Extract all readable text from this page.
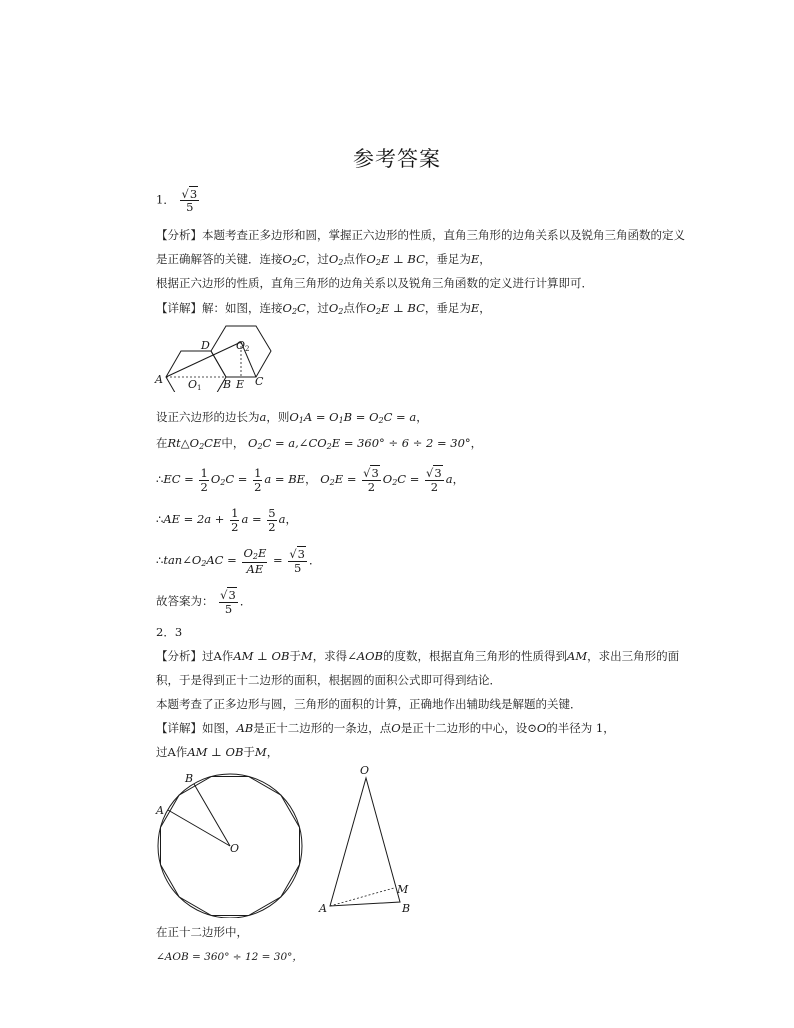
参考答案
1． $\frac{√3}{5}$
【分析】本题考查正多边形和圆，掌握正六边形的性质，直角三角形的边角关系以及锐角三角函数的定义
是正确解答的关键．连接$O_2C$，过$O_2$点作$O_2E$ ⊥ BC，垂足为E，
根据正六边形的性质，直角三角形的边角关系以及锐角三角函数的定义进行计算即可．
【详解】解：如图，连接$O_2C$，过$O_2$点作$O_2E$ ⊥ BC，垂足为E，
A
D O2
O1 B E C
设正六边形的边长为a，则$O_1A = O_1B = O_2C = a$，
在$Rt\triangle O_2CE$中， $O_2C$ = $a,\angle CO_2E = 360^\circ \div 6 \div 2 = 30^\circ$，
∴EC = $\frac{1}{2} O_2C = \frac{1}{2}$ a = BE， $O_2E = \frac{√3}{2} O_2C = \frac{√3}{2}$ a，
∴AE = $2a + \frac{1}{2}$ $a = \frac{5}{2}$ a，
$\therefore\tan\angle O_2AC = \frac{O_2E}{AE} = \frac{√3}{5}$ ．
故答案为： $\frac{√3}{5}$ ．
2．3
【分析】过A作AM ⊥ OB于M，求得∠AOB的度数，根据直角三角形的性质得到AM，求出三角形的面
积，于是得到正十二边形的面积，根据圆的面积公式即可得到结论．
本题考查了正多边形与圆，三角形的面积的计算，正确地作出辅助线是解题的关键．
【详解】如图，AB是正十二边形的一条边，点O是正十二边形的中心，设⊙O的半径为 1，
过A作AM ⊥ OB于M，
A
B
O
O
A	B
M
在正十二边形中，
∠AOB = 360° ÷ 12 = 30°，
